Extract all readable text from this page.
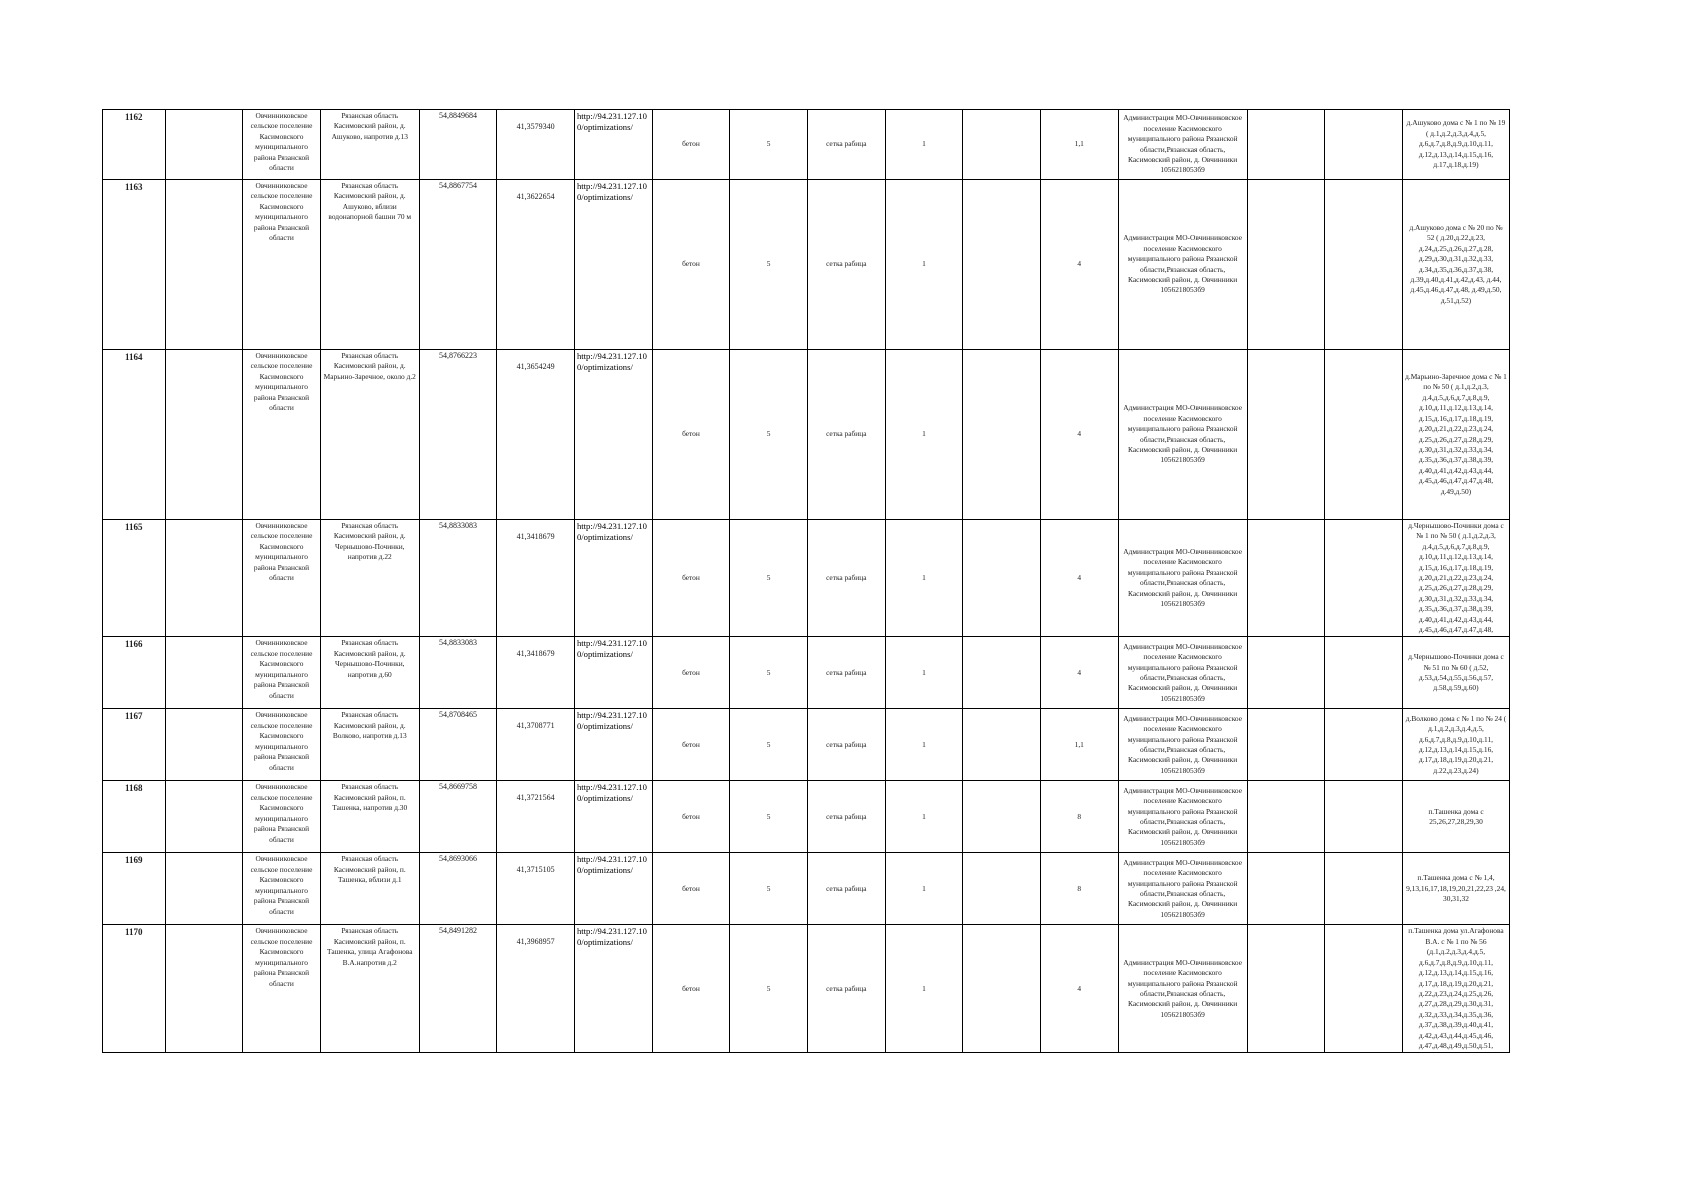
1162		Овчинниковское сельское поселение Касимовского муниципального района Рязанской области	Рязанская область Касимовский район, д. Ашуково, напротив д.13	54,8849684	41,3579340	http://94.231.127.100/optimizations/	бетон	5	сетка рабица	1		1,1	Администрация МО-Овчинниковское поселение Касимовского муниципального района Рязанской области,Рязанская область, Касимовский район, д. Овчинники 1056218053б9			д.Ашуково дома с № 1 по № 19 ( д.1,д.2,д.3,д.4,д.5, д.6,д.7,д.8,д.9,д.10,д.11, д.12,д.13,д.14,д.15,д.16, д.17,д.18,д.19)
1163		Овчинниковское сельское поселение Касимовского муниципального района Рязанской области	Рязанская область Касимовский район, д. Ашуково, вблизи водонапорной башни 70 м	54,8867754	41,3622654	http://94.231.127.100/optimizations/	бетон	5	сетка рабица	1		4	Администрация МО-Овчинниковское поселение Касимовского муниципального района Рязанской области,Рязанская область, Касимовский район, д. Овчинники 1056218053б9			д.Ашуково дома с № 20 по № 52 ( д.20,д.22,д.23, д.24,д.25,д.26,д.27,д.28, д.29,д.30,д.31,д.32,д.33, д.34,д.35,д.36,д.37,д.38, д.39,д.40,д.41,д.42,д.43, д.44, д.45,д.46,д.47,д.48, д.49,д.50, д.51,д.52)
1164		Овчинниковское сельское поселение Касимовского муниципального района Рязанской области	Рязанская область Касимовский район, д. Марьино-Заречное, около д.2	54,8766223	41,3654249	http://94.231.127.100/optimizations/	бетон	5	сетка рабица	1		4	Администрация МО-Овчинниковское поселение Касимовского муниципального района Рязанской области,Рязанская область, Касимовский район, д. Овчинники 1056218053б9			д.Марьино-Заречное дома с № 1 по № 50 ( д.1,д.2,д.3, д.4,д.5,д.6,д.7,д.8,д.9, д.10,д.11,д.12,д.13,д.14, д.15,д.16,д.17,д.18,д.19, д.20,д.21,д.22,д.23,д.24, д.25,д.26,д.27,д.28,д.29, д.30,д.31,д.32,д.33,д.34, д.35,д.36,д.37,д.38,д.39, д.40,д.41,д.42,д.43,д.44, д.45,д.46,д.47,д.47,д.48, д.49,д.50)
1165		Овчинниковское сельское поселение Касимовского муниципального района Рязанской области	Рязанская область Касимовский район, д. Чернышово-Починки, напротив д.22	54,8833083	41,3418679	http://94.231.127.100/optimizations/	бетон	5	сетка рабица	1		4	Администрация МО-Овчинниковское поселение Касимовского муниципального района Рязанской области,Рязанская область, Касимовский район, д. Овчинники 1056218053б9			д.Чернышово-Починки дома с № 1 по № 50 ( д.1,д.2,д.3, д.4,д.5,д.6,д.7,д.8,д.9, д.10,д.11,д.12,д.13,д.14, д.15,д.16,д.17,д.18,д.19, д.20,д.21,д.22,д.23,д.24, д.25,д.26,д.27,д.28,д.29, д.30,д.31,д.32,д.33,д.34, д.35,д.36,д.37,д.38,д.39, д.40,д.41,д.42,д.43,д.44, д.45,д.46,д.47,д.47,д.48,
1166		Овчинниковское сельское поселение Касимовского муниципального района Рязанской области	Рязанская область Касимовский район, д. Чернышово-Починки, напротив д.60	54,8833083	41,3418679	http://94.231.127.100/optimizations/	бетон	5	сетка рабица	1		4	Администрация МО-Овчинниковское поселение Касимовского муниципального района Рязанской области,Рязанская область, Касимовский район, д. Овчинники 1056218053б9			д.Чернышово-Починки дома с № 51 по № 60 ( д.52, д.53,д.54,д.55,д.56,д.57, д.58,д.59,д.60)
1167		Овчинниковское сельское поселение Касимовского муниципального района Рязанской области	Рязанская область Касимовский район, д. Волково, напротив д.13	54,8708465	41,3708771	http://94.231.127.100/optimizations/	бетон	5	сетка рабица	1		1,1	Администрация МО-Овчинниковское поселение Касимовского муниципального района Рязанской области,Рязанская область, Касимовский район, д. Овчинники 1056218053б9			д.Волково дома с № 1 по № 24 ( д.1,д.2,д.3,д.4,д.5, д.6,д.7,д.8,д.9,д.10,д.11, д.12,д.13,д.14,д.15,д.16, д.17,д.18,д.19,д.20,д.21, д.22,д.23,д.24)
1168		Овчинниковское сельское поселение Касимовского муниципального района Рязанской области	Рязанская область Касимовский район, п. Ташенка, напротив д.30	54,8669758	41,3721564	http://94.231.127.100/optimizations/	бетон	5	сетка рабица	1		8	Администрация МО-Овчинниковское поселение Касимовского муниципального района Рязанской области,Рязанская область, Касимовский район, д. Овчинники 1056218053б9			п.Ташенка дома с 25,26,27,28,29,30
1169		Овчинниковское сельское поселение Касимовского муниципального района Рязанской области	Рязанская область Касимовский район, п. Ташенка, вблизи д.1	54,8693066	41,3715105	http://94.231.127.100/optimizations/	бетон	5	сетка рабица	1		8	Администрация МО-Овчинниковское поселение Касимовского муниципального района Рязанской области,Рязанская область, Касимовский район, д. Овчинники 1056218053б9			п.Ташенка дома с № 1,4, 9,13,16,17,18,19,20,21,22,23 ,24, 30,31,32
1170		Овчинниковское сельское поселение Касимовского муниципального района Рязанской области	Рязанская область Касимовский район, п. Ташенка, улица Агафонова В.А.напротив д.2	54,8491282	41,3968957	http://94.231.127.100/optimizations/	бетон	5	сетка рабица	1		4	Администрация МО-Овчинниковское поселение Касимовского муниципального района Рязанской области,Рязанская область, Касимовский район, д. Овчинники 1056218053б9			п.Ташенка дома ул.Агафонова В.А. с № 1 по № 56 (д.1,д.2,д.3,д.4,д.5, д.6,д.7,д.8,д.9,д.10,д.11, д.12,д.13,д.14,д.15,д.16, д.17,д.18,д.19,д.20,д.21, д.22,д.23,д.24,д.25,д.26, д.27,д.28,д.29,д.30,д.31, д.32,д.33,д.34,д.35,д.36, д.37,д.38,д.39,д.40,д.41, д.42,д.43,д.44,д.45,д.46, д.47,д.48,д.49,д.50,д.51,
